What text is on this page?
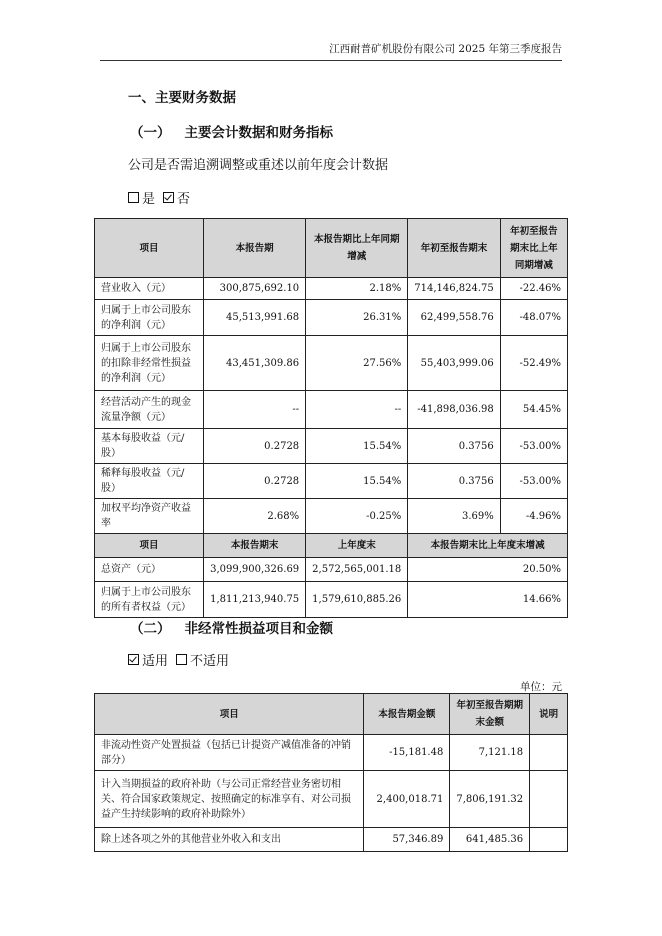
江西耐普矿机股份有限公司 2025 年第三季度报告
一、主要财务数据
（一） 主要会计数据和财务指标
公司是否需追溯调整或重述以前年度会计数据
是 否
项目	本报告期	本报告期比上年同期增减	年初至报告期末	年初至报告期末比上年同期增减
营业收入（元）	300,875,692.10	2.18%	714,146,824.75	-22.46%
归属于上市公司股东的净利润（元）	45,513,991.68	26.31%	62,499,558.76	-48.07%
归属于上市公司股东的扣除非经常性损益的净利润（元）	43,451,309.86	27.56%	55,403,999.06	-52.49%
经营活动产生的现金流量净额（元）	--	--	-41,898,036.98	54.45%
基本每股收益（元/股）	0.2728	15.54%	0.3756	-53.00%
稀释每股收益（元/股）	0.2728	15.54%	0.3756	-53.00%
加权平均净资产收益率	2.68%	-0.25%	3.69%	-4.96%
项目	本报告期末	上年度末	本报告期末比上年度末增减	
总资产（元）	3,099,900,326.69	2,572,565,001.18	20.50%	
归属于上市公司股东的所有者权益（元）	1,811,213,940.75	1,579,610,885.26	14.66%	
（二） 非经常性损益项目和金额
适用 不适用
单位：元
项目	本报告期金额	年初至报告期期末金额	说明
非流动性资产处置损益（包括已计提资产减值准备的冲销部分）	-15,181.48	7,121.18	
计入当期损益的政府补助（与公司正常经营业务密切相关、符合国家政策规定、按照确定的标准享有、对公司损益产生持续影响的政府补助除外）	2,400,018.71	7,806,191.32	
除上述各项之外的其他营业外收入和支出	57,346.89	641,485.36	
